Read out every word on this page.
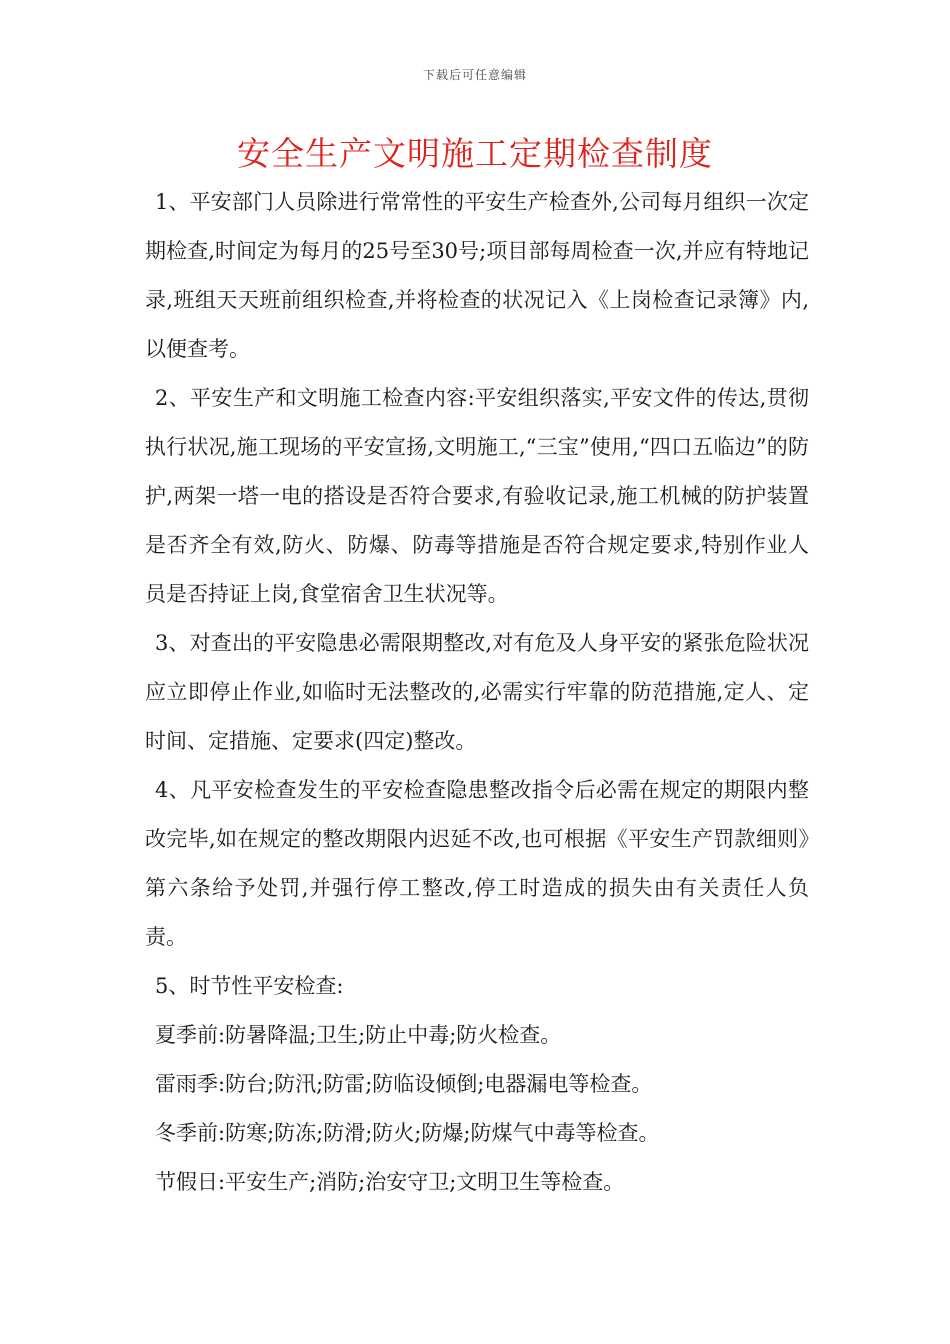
下载后可任意编辑
安全生产文明施工定期检查制度

1、平安部门人员除进行常常性的平安生产检查外,公司每月组织一次定期检查,时间定为每月的25号至30号;项目部每周检查一次,并应有特地记录,班组天天班前组织检查,并将检查的状况记入《上岗检查记录簿》内,以便查考。

2、平安生产和文明施工检查内容:平安组织落实,平安文件的传达,贯彻执行状况,施工现场的平安宣扬,文明施工,“三宝”使用,“四口五临边”的防护,两架一塔一电的搭设是否符合要求,有验收记录,施工机械的防护装置是否齐全有效,防火、防爆、防毒等措施是否符合规定要求,特别作业人员是否持证上岗,食堂宿舍卫生状况等。

3、对查出的平安隐患必需限期整改,对有危及人身平安的紧张危险状况应立即停止作业,如临时无法整改的,必需实行牢靠的防范措施,定人、定时间、定措施、定要求(四定)整改。

4、凡平安检查发生的平安检查隐患整改指令后必需在规定的期限内整改完毕,如在规定的整改期限内迟延不改,也可根据《平安生产罚款细则》第六条给予处罚,并强行停工整改,停工时造成的损失由有关责任人负责。

5、时节性平安检查:

夏季前:防暑降温;卫生;防止中毒;防火检查。

雷雨季:防台;防汛;防雷;防临设倾倒;电器漏电等检查。

冬季前:防寒;防冻;防滑;防火;防爆;防煤气中毒等检查。

节假日:平安生产;消防;治安守卫;文明卫生等检查。
